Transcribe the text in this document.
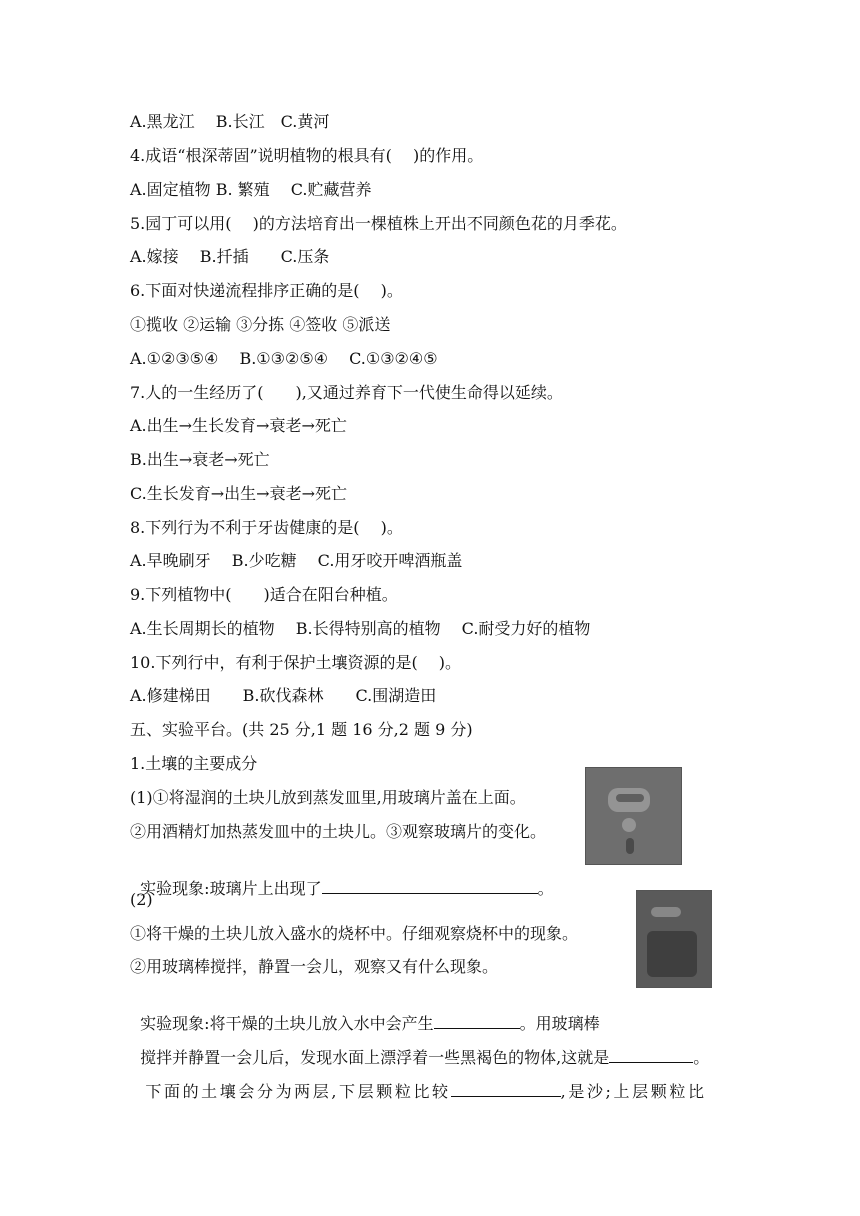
A.黑龙江　 B.长江　C.黄河
4.成语“根深蒂固”说明植物的根具有(　 )的作用。
A.固定植物 B. 繁殖　 C.贮藏营养
5.园丁可以用(　 )的方法培育出一棵植株上开出不同颜色花的月季花。
A.嫁接　 B.扦插　　C.压条
6.下面对快递流程排序正确的是(　 )。
①揽收 ②运输 ③分拣 ④签收 ⑤派送
A.①②③⑤④　 B.①③②⑤④　 C.①③②④⑤
7.人的一生经历了(　　),又通过养育下一代使生命得以延续。
A.出生→生长发育→衰老→死亡
B.出生→衰老→死亡
C.生长发育→出生→衰老→死亡
8.下列行为不利于牙齿健康的是(　 )。
A.早晚刷牙　 B.少吃糖　 C.用牙咬开啤酒瓶盖
9.下列植物中(　　)适合在阳台种植。
A.生长周期长的植物　 B.长得特别高的植物　 C.耐受力好的植物
10.下列行中，有利于保护土壤资源的是(　 )。
A.修建梯田　　B.砍伐森林　　C.围湖造田
五、实验平台。(共 25 分,1 题 16 分,2 题 9 分)
1.土壤的主要成分
(1)①将湿润的土块儿放到蒸发皿里,用玻璃片盖在上面。
②用酒精灯加热蒸发皿中的土块儿。③观察玻璃片的变化。

实验现象:玻璃片上出现了	。

(2)
①将干燥的土块儿放入盛水的烧杯中。仔细观察烧杯中的现象。
②用玻璃棒搅拌，静置一会儿，观察又有什么现象。

实验现象:将干燥的土块儿放入水中会产生	。用玻璃棒

搅拌并静置一会儿后，发现水面上漂浮着一些黑褐色的物体,这就是	。

下面的土壤会分为两层,下层颗粒比较	,是沙;上层颗粒比
